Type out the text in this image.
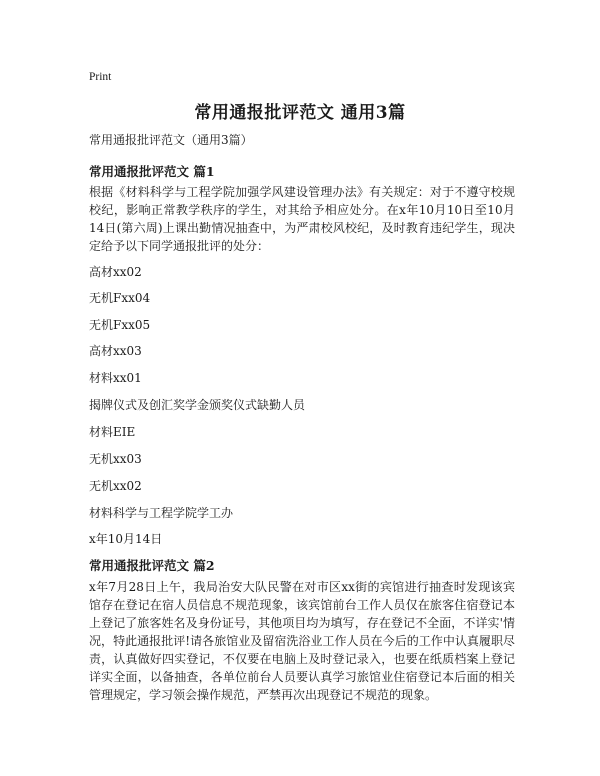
Print
常用通报批评范文 通用3篇
常用通报批评范文（通用3篇）
常用通报批评范文 篇1
根据《材料科学与工程学院加强学风建设管理办法》有关规定：对于不遵守校规校纪，影响正常教学秩序的学生，对其给予相应处分。在x年10月10日至10月14日(第六周)上课出勤情况抽查中，为严肃校风校纪，及时教育违纪学生，现决定给予以下同学通报批评的处分：
高材xx02
无机Fxx04
无机Fxx05
高材xx03
材料xx01
揭牌仪式及创汇奖学金颁奖仪式缺勤人员
材料EIE
无机xx03
无机xx02
材料科学与工程学院学工办
x年10月14日
常用通报批评范文 篇2
x年7月28日上午，我局治安大队民警在对市区xx街的宾馆进行抽查时发现该宾馆存在登记在宿人员信息不规范现象，该宾馆前台工作人员仅在旅客住宿登记本上登记了旅客姓名及身份证号，其他项目均为填写，存在登记不全面，不详实'情况，特此通报批评!请各旅馆业及留宿洗浴业工作人员在今后的工作中认真履职尽责，认真做好四实登记，不仅要在电脑上及时登记录入，也要在纸质档案上登记详实全面，以备抽查，各单位前台人员要认真学习旅馆业住宿登记本后面的相关管理规定，学习领会操作规范，严禁再次出现登记不规范的现象。
